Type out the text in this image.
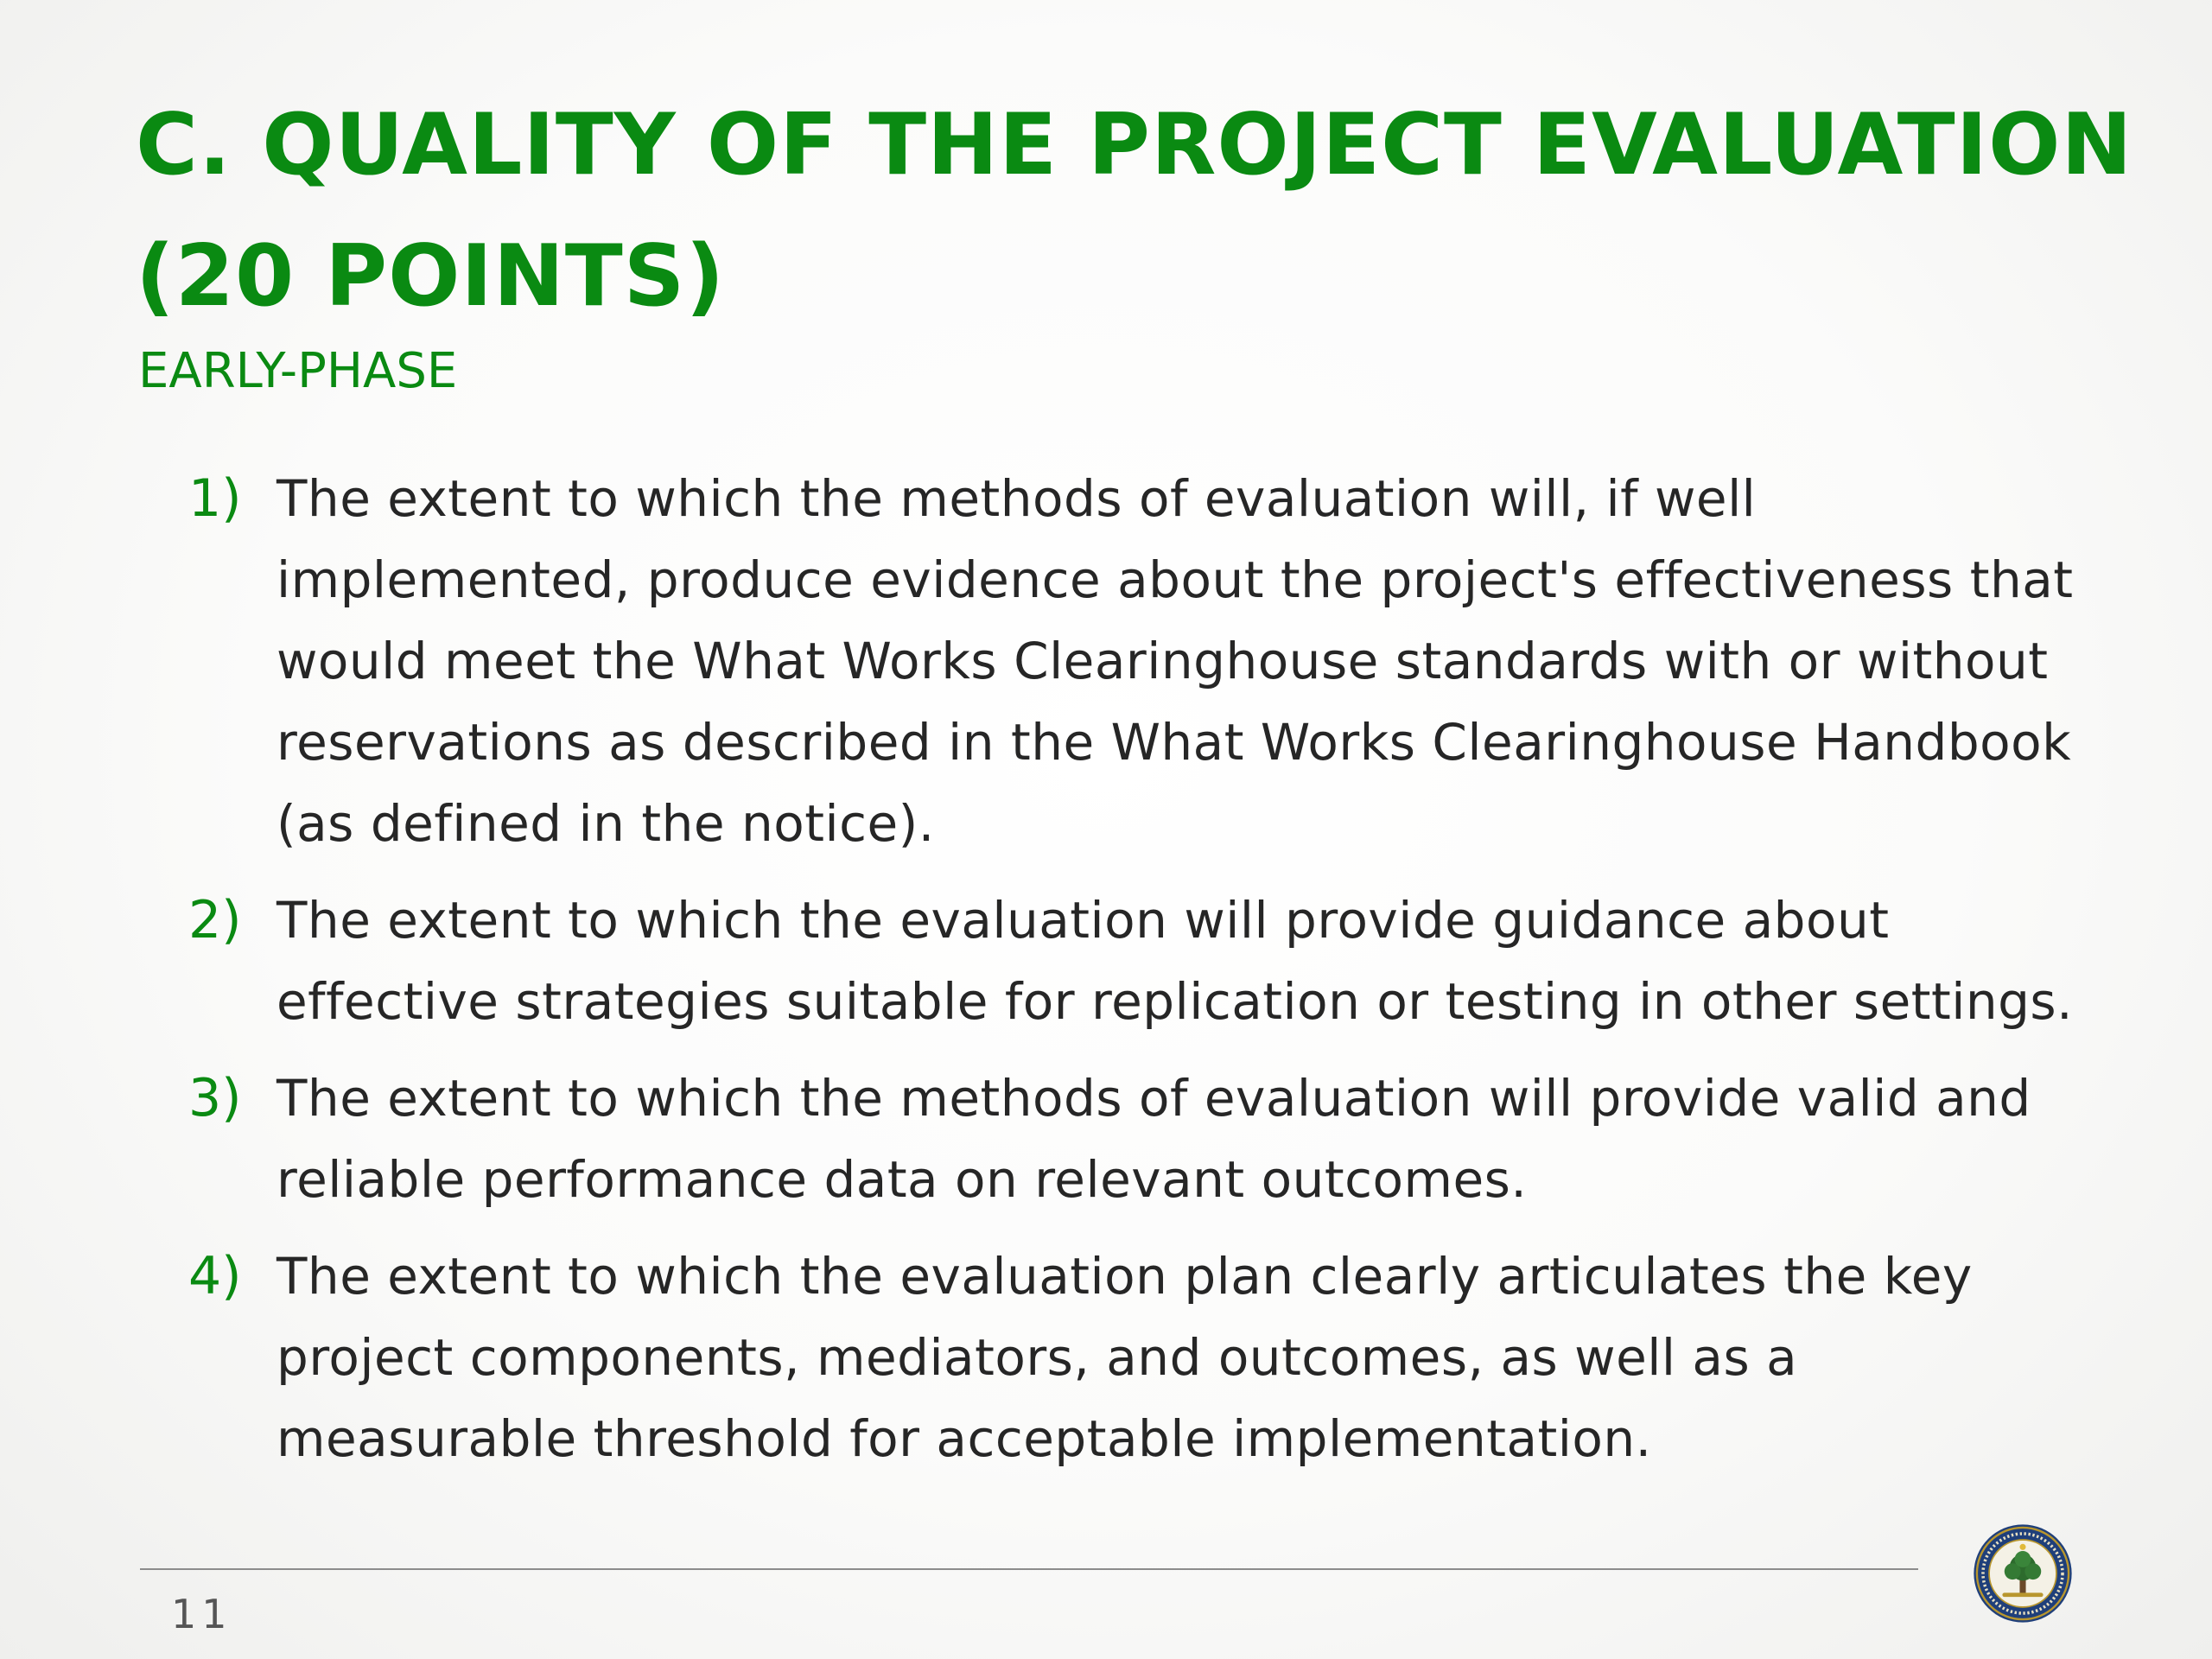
C. QUALITY OF THE PROJECT EVALUATION
(20 POINTS)
EARLY-PHASE
1) The extent to which the methods of evaluation will, if well implemented, produce evidence about the project's effectiveness that would meet the What Works Clearinghouse standards with or without reservations as described in the What Works Clearinghouse Handbook (as defined in the notice).
2) The extent to which the evaluation will provide guidance about effective strategies suitable for replication or testing in other settings.
3) The extent to which the methods of evaluation will provide valid and reliable performance data on relevant outcomes.
4) The extent to which the evaluation plan clearly articulates the key project components, mediators, and outcomes, as well as a measurable threshold for acceptable implementation.
11
